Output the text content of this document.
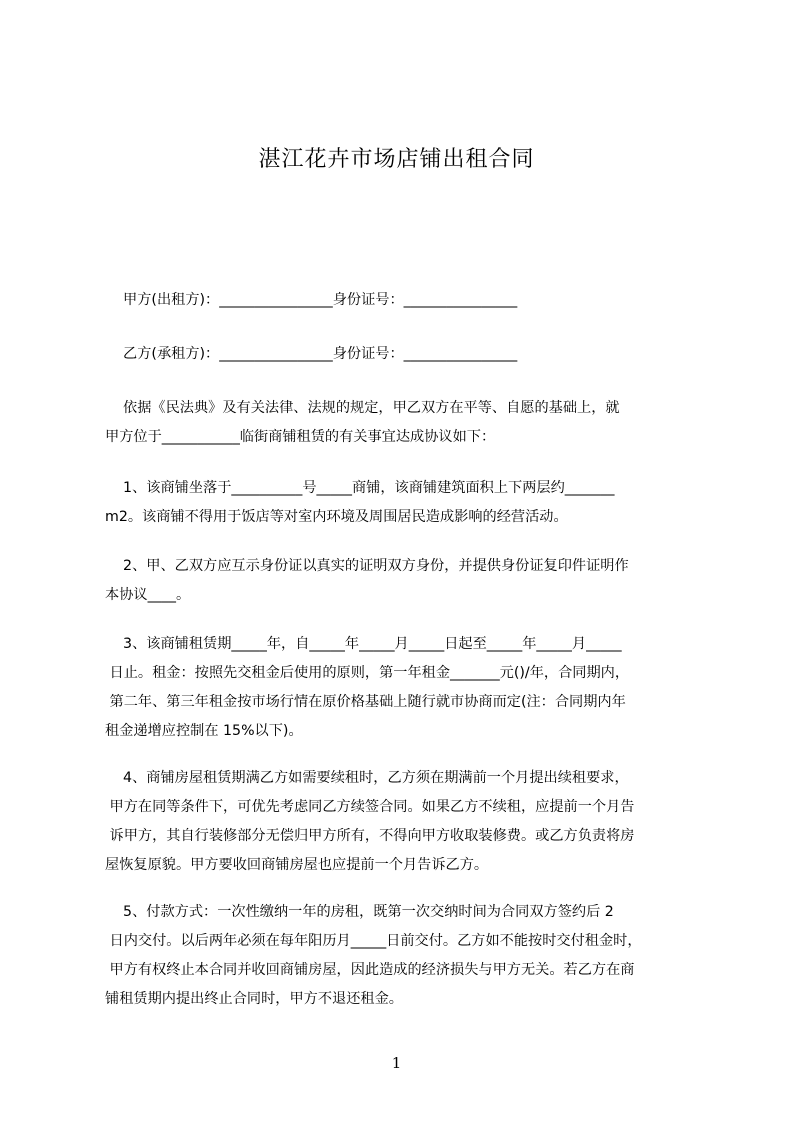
湛江花卉市场店铺出租合同
甲方(出租方)：________________身份证号：________________
乙方(承租方)：________________身份证号：________________

依据《民法典》及有关法律、法规的规定，甲乙双方在平等、自愿的基础上，就

甲方位于___________临街商铺租赁的有关事宜达成协议如下：

1、该商铺坐落于__________号_____商铺，该商铺建筑面积上下两层约_______

m2。该商铺不得用于饭店等对室内环境及周围居民造成影响的经营活动。

2、甲、乙双方应互示身份证以真实的证明双方身份，并提供身份证复印件证明作

本协议____。

3、该商铺租赁期_____年，自_____年_____月_____日起至_____年_____月_____

日止。租金：按照先交租金后使用的原则，第一年租金_______元()/年，合同期内，

第二年、第三年租金按市场行情在原价格基础上随行就市协商而定(注：合同期内年

租金递增应控制在 15%以下)。

4、商铺房屋租赁期满乙方如需要续租时，乙方须在期满前一个月提出续租要求，

甲方在同等条件下，可优先考虑同乙方续签合同。如果乙方不续租，应提前一个月告

诉甲方，其自行装修部分无偿归甲方所有，不得向甲方收取装修费。或乙方负责将房

屋恢复原貌。甲方要收回商铺房屋也应提前一个月告诉乙方。

5、付款方式：一次性缴纳一年的房租，既第一次交纳时间为合同双方签约后 2

日内交付。以后两年必须在每年阳历月_____日前交付。乙方如不能按时交付租金时，

甲方有权终止本合同并收回商铺房屋，因此造成的经济损失与甲方无关。若乙方在商

铺租赁期内提出终止合同时，甲方不退还租金。

1
